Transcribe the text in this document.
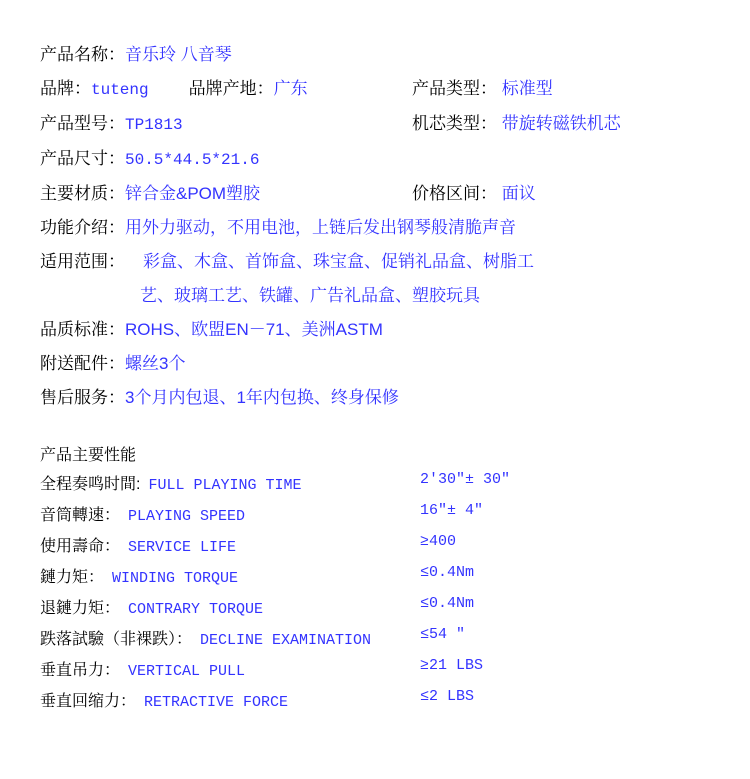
产品名称： 音乐玲 八音琴
品牌： tuteng 品牌产地： 广东	产品类型： 标准型
产品型号： TP1813	机芯类型： 带旋转磁铁机芯
产品尺寸： 50.5*44.5*21.6
主要材质： 锌合金&POM塑胶	价格区间： 面议
功能介绍： 用外力驱动，不用电池，上链后发出钢琴般清脆声音
适用范围： 彩盒、木盒、首饰盒、珠宝盒、促销礼品盒、树脂工
艺、玻璃工艺、铁罐、广告礼品盒、塑胶玩具
品质标准： ROHS、欧盟EN－71、美洲ASTM
附送配件： 螺丝3个
售后服务： 3个月内包退、1年内包换、终身保修
产品主要性能
全程奏鸣时間: FULL PLAYING TIME	2′30″± 30″
音筒轉速： PLAYING SPEED	16″± 4″
使用壽命： SERVICE LIFE	≥400
鏈力矩： WINDING TORQUE	≤0.4Nm
退鏈力矩： CONTRARY TORQUE	≤0.4Nm
跌落試驗（非裸跌）： DECLINE EXAMINATION	≤54 ″
垂直吊力： VERTICAL PULL	≥21 LBS
垂直回缩力： RETRACTIVE FORCE	≤2 LBS
